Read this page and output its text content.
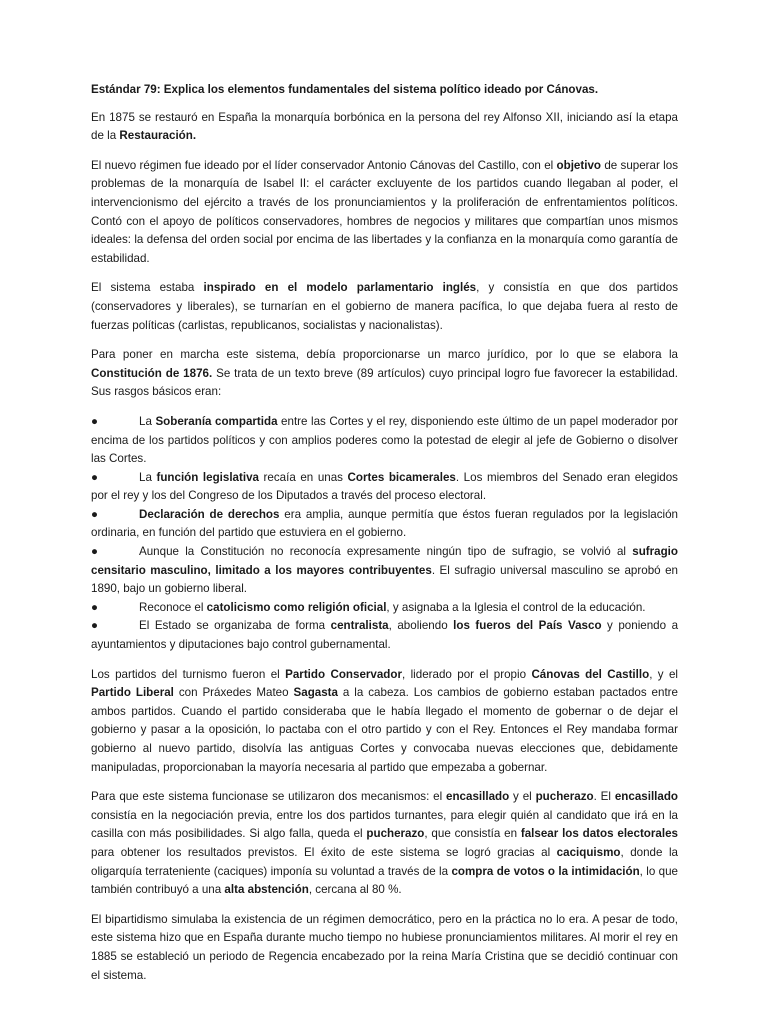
Estándar 79: Explica los elementos fundamentales del sistema político ideado por Cánovas.

En 1875 se restauró en España la monarquía borbónica en la persona del rey Alfonso XII, iniciando así la etapa de la Restauración.

El nuevo régimen fue ideado por el líder conservador Antonio Cánovas del Castillo, con el objetivo de superar los problemas de la monarquía de Isabel II: el carácter excluyente de los partidos cuando llegaban al poder, el intervencionismo del ejército a través de los pronunciamientos y la proliferación de enfrentamientos políticos. Contó con el apoyo de políticos conservadores, hombres de negocios y militares que compartían unos mismos ideales: la defensa del orden social por encima de las libertades y la confianza en la monarquía como garantía de estabilidad.

El sistema estaba inspirado en el modelo parlamentario inglés, y consistía en que dos partidos (conservadores y liberales), se turnarían en el gobierno de manera pacífica, lo que dejaba fuera al resto de fuerzas políticas (carlistas, republicanos, socialistas y nacionalistas).

Para poner en marcha este sistema, debía proporcionarse un marco jurídico, por lo que se elabora la Constitución de 1876. Se trata de un texto breve (89 artículos) cuyo principal logro fue favorecer la estabilidad. Sus rasgos básicos eran:

●	La Soberanía compartida entre las Cortes y el rey, disponiendo este último de un papel moderador por encima de los partidos políticos y con amplios poderes como la potestad de elegir al jefe de Gobierno o disolver las Cortes.
●	La función legislativa recaía en unas Cortes bicamerales. Los miembros del Senado eran elegidos por el rey y los del Congreso de los Diputados a través del proceso electoral.
●	Declaración de derechos era amplia, aunque permitía que éstos fueran regulados por la legislación ordinaria, en función del partido que estuviera en el gobierno.
●	Aunque la Constitución no reconocía expresamente ningún tipo de sufragio, se volvió al sufragio censitario masculino, limitado a los mayores contribuyentes. El sufragio universal masculino se aprobó en 1890, bajo un gobierno liberal.
●	Reconoce el catolicismo como religión oficial, y asignaba a la Iglesia el control de la educación.
●	El Estado se organizaba de forma centralista, aboliendo los fueros del País Vasco y poniendo a ayuntamientos y diputaciones bajo control gubernamental.

Los partidos del turnismo fueron el Partido Conservador, liderado por el propio Cánovas del Castillo, y el Partido Liberal con Práxedes Mateo Sagasta a la cabeza. Los cambios de gobierno estaban pactados entre ambos partidos. Cuando el partido consideraba que le había llegado el momento de gobernar o de dejar el gobierno y pasar a la oposición, lo pactaba con el otro partido y con el Rey. Entonces el Rey mandaba formar gobierno al nuevo partido, disolvía las antiguas Cortes y convocaba nuevas elecciones que, debidamente manipuladas, proporcionaban la mayoría necesaria al partido que empezaba a gobernar.

Para que este sistema funcionase se utilizaron dos mecanismos: el encasillado y el pucherazo. El encasillado consistía en la negociación previa, entre los dos partidos turnantes, para elegir quién al candidato que irá en la casilla con más posibilidades. Si algo falla, queda el pucherazo, que consistía en falsear los datos electorales para obtener los resultados previstos. El éxito de este sistema se logró gracias al caciquismo, donde la oligarquía terrateniente (caciques) imponía su voluntad a través de la compra de votos o la intimidación, lo que también contribuyó a una alta abstención, cercana al 80 %.

El bipartidismo simulaba la existencia de un régimen democrático, pero en la práctica no lo era. A pesar de todo, este sistema hizo que en España durante mucho tiempo no hubiese pronunciamientos militares. Al morir el rey en 1885 se estableció un periodo de Regencia encabezado por la reina María Cristina que se decidió continuar con el sistema.
